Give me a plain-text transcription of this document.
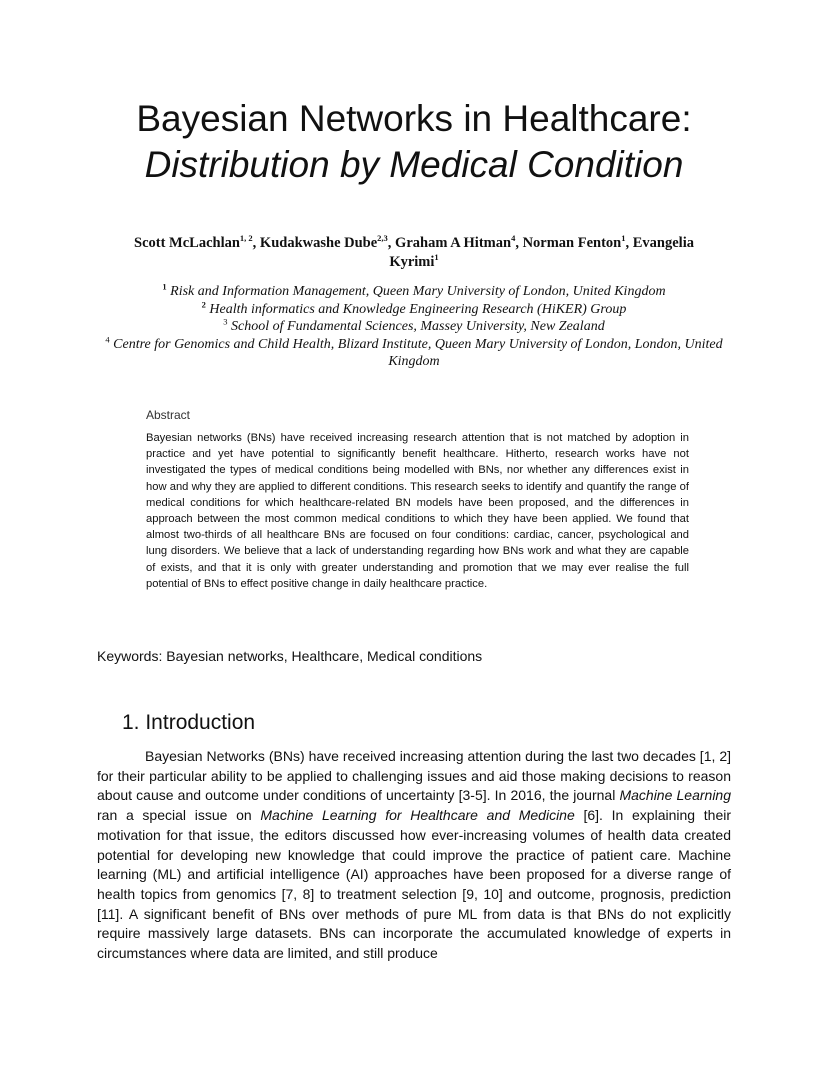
Bayesian Networks in Healthcare:

Distribution by Medical Condition
Scott McLachlan$^{1, 2}$, Kudakwashe Dube$^{2,3}$, Graham A Hitman$^4$, Norman Fenton$^1$, Evangelia Kyrimi$^1$
$^1$ Risk and Information Management, Queen Mary University of London, United Kingdom
$^2$ Health informatics and Knowledge Engineering Research (HiKER) Group
$^3$ School of Fundamental Sciences, Massey University, New Zealand
$^4$ Centre for Genomics and Child Health, Blizard Institute, Queen Mary University of London, London, United Kingdom
Abstract
Bayesian networks (BNs) have received increasing research attention that is not matched by adoption in practice and yet have potential to significantly benefit healthcare. Hitherto, research works have not investigated the types of medical conditions being modelled with BNs, nor whether any differences exist in how and why they are applied to different conditions. This research seeks to identify and quantify the range of medical conditions for which healthcare-related BN models have been proposed, and the differences in approach between the most common medical conditions to which they have been applied. We found that almost two-thirds of all healthcare BNs are focused on four conditions: cardiac, cancer, psychological and lung disorders. We believe that a lack of understanding regarding how BNs work and what they are capable of exists, and that it is only with greater understanding and promotion that we may ever realise the full potential of BNs to effect positive change in daily healthcare practice.
Keywords: Bayesian networks, Healthcare, Medical conditions
1. Introduction
Bayesian Networks (BNs) have received increasing attention during the last two decades [1, 2] for their particular ability to be applied to challenging issues and aid those making decisions to reason about cause and outcome under conditions of uncertainty [3-5]. In 2016, the journal Machine Learning ran a special issue on Machine Learning for Healthcare and Medicine [6]. In explaining their motivation for that issue, the editors discussed how ever-increasing volumes of health data created potential for developing new knowledge that could improve the practice of patient care. Machine learning (ML) and artificial intelligence (AI) approaches have been proposed for a diverse range of health topics from genomics [7, 8] to treatment selection [9, 10] and outcome, prognosis, prediction [11]. A significant benefit of BNs over methods of pure ML from data is that BNs do not explicitly require massively large datasets. BNs can incorporate the accumulated knowledge of experts in circumstances where data are limited, and still produce
